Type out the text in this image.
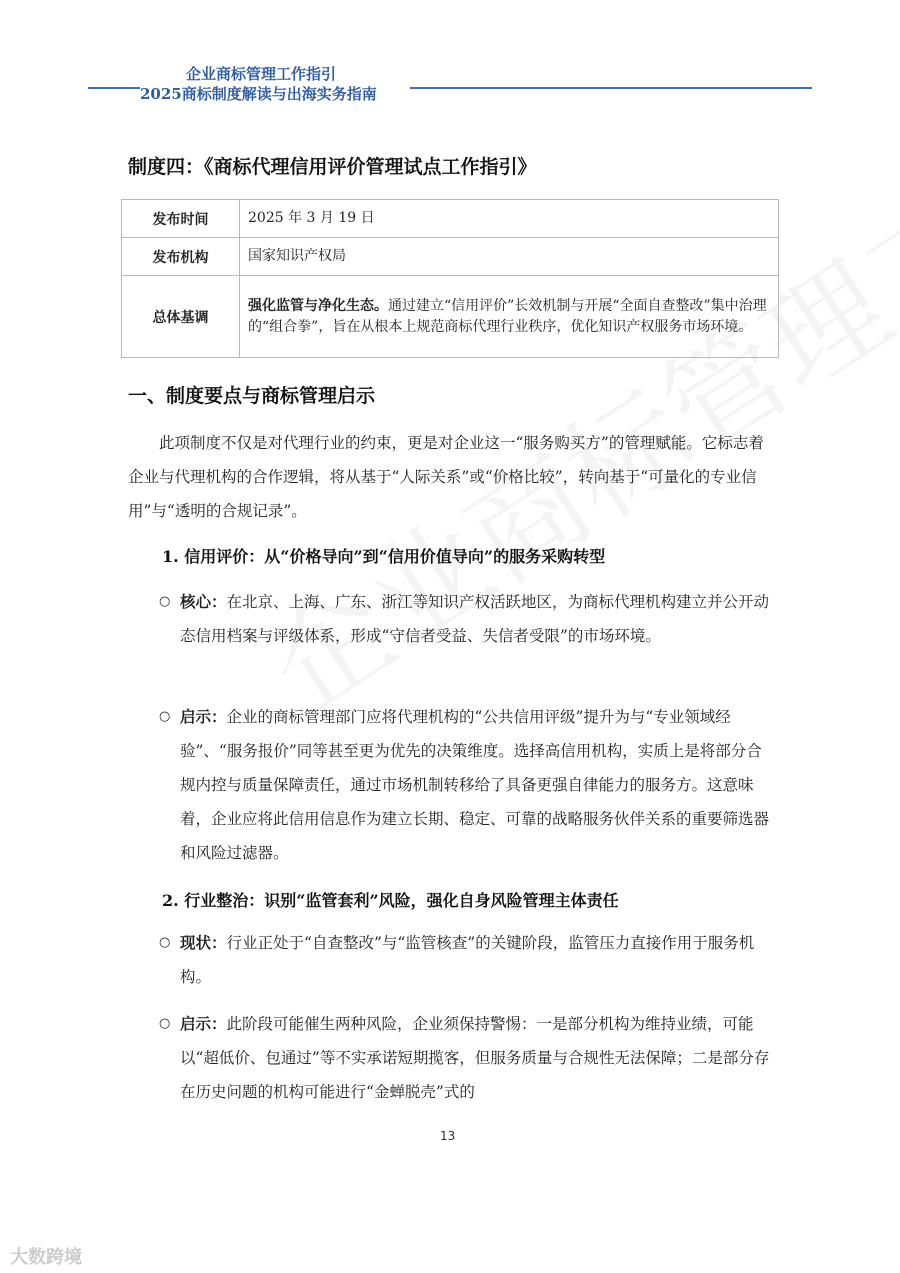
企业商标管理工作指引
2025商标制度解读与出海实务指南
制度四：《商标代理信用评价管理试点工作指引》
发布时间	2025 年 3 月 19 日
发布机构	国家知识产权局
总体基调	强化监管与净化生态。通过建立“信用评价”长效机制与开展“全面自查整改”集中治理的“组合拳”，旨在从根本上规范商标代理行业秩序，优化知识产权服务市场环境。
一、制度要点与商标管理启示
此项制度不仅是对代理行业的约束，更是对企业这一“服务购买方”的管理赋能。它标志着企业与代理机构的合作逻辑，将从基于“人际关系”或“价格比较”，转向基于“可量化的专业信用”与“透明的合规记录”。
1. 信用评价：从“价格导向”到“信用价值导向”的服务采购转型
○ 核心：在北京、上海、广东、浙江等知识产权活跃地区，为商标代理机构建立并公开动态信用档案与评级体系，形成“守信者受益、失信者受限”的市场环境。
○ 启示：企业的商标管理部门应将代理机构的“公共信用评级”提升为与“专业领域经验”、“服务报价”同等甚至更为优先的决策维度。选择高信用机构，实质上是将部分合规内控与质量保障责任，通过市场机制转移给了具备更强自律能力的服务方。这意味着，企业应将此信用信息作为建立长期、稳定、可靠的战略服务伙伴关系的重要筛选器和风险过滤器。
2. 行业整治：识别“监管套利”风险，强化自身风险管理主体责任
○ 现状：行业正处于“自查整改”与“监管核查”的关键阶段，监管压力直接作用于服务机构。
○ 启示：此阶段可能催生两种风险，企业须保持警惕：一是部分机构为维持业绩，可能以“超低价、包通过”等不实承诺短期揽客，但服务质量与合规性无法保障；二是部分存在历史问题的机构可能进行“金蝉脱壳”式的
13
大数跨境
